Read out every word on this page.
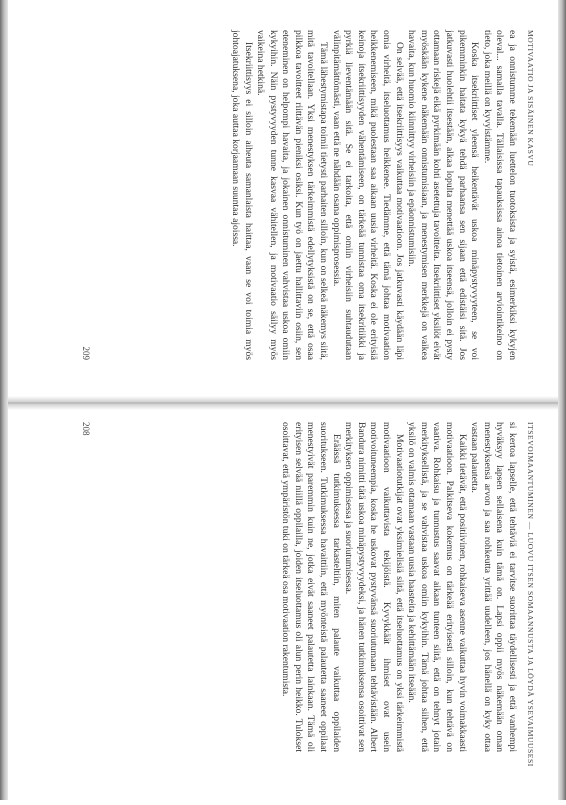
MOTIVAATIO JA SISÄINEN KASVU

ea ja onnistumme tekemään luettelon tuotoksista ja syistä, esimerkiksi kykyjen oleval... samalla tavalla. Tällaisissa tapauksissa ainoa tietoinen arviointikeino on tieto, joka meillä on kyvyistämme.

Koska itsekriittiset yleensä heikentävät uskoa minäpystyvyyteen, se voi pikemminkin haitata kykyä tehdä parhaansa sen sijaan että edistäisi sitä. Jos jatkuvasti huolehtii itsestään, alkaa lopulta menettää uskoa itseensä, jolloin ei pysty ottamaan riskejä eikä pyrkimään kohti asetettuja tavoitteita. Itsekriittiset yksilöt eivät myöskään kykene näkemään onnistumisiaan, ja menestymisen merkkejä on vaikea havaita, kun huomio kiinnittyy virheisiin ja epäonnistumisiin.

On selvää, että itsekriittisyys vaikuttaa motivaatioon. Jos jatkuvasti käydään läpi omia virheitä, itseluottamus heikkenee. Tiedämme, että tämä johtaa motivaation heikkenemiseen, mikä puolestaan saa aikaan uusia virheitä. Koska ei ole erityisiä keinoja itsekriittisyyden vähentämiseen, on tärkeää tunnistaa oma itsekritiikki ja pyrkiä lieventämään sitä. Se ei tarkoita, että omiin virheisiin suhtaudutaan välinpitämättömästi, vaan että ne nähdään osana oppimisprosessia.

Tämä lähestymistapa toimii tietysti parhaiten silloin, kun on selkeä näkemys siitä, mitä tavoitellaan. Yksi menestyksen tärkeimmistä edellytyksistä on se, että osaa pilkkoa tavoitteet riittävän pieniksi osiksi. Kun työ on jaettu hallittaviin osiin, sen eteneminen on helpompi havaita, ja jokainen onnistuminen vahvistaa uskoa omiin kykyihin. Näin pystyvyyden tunne kasvaa vähitellen, ja motivaatio säilyy myös vaikeina hetkinä.

Itsekriittisyys ei silloin aiheuta samanlaista haittaa, vaan se voi toimia myös johtoajatuksena, joka auttaa korjaamaan suuntaa ajoissa.

209
ITSEVOIMAANTUMINEN — LUOVU ITSEN SOMAANNUSTA JA LÖYDÄ YSEVAIMUUSESI

si kertoa lapselle, että tehtäviä ei tarvitse suorittaa täydellisesti ja että vanhempi hyväksyy lapsen sellaisena kuin tämä on. Lapsi oppii myös näkemään oman menestyksensä arvon ja saa rohkeutta yrittää uudelleen, jos hänellä on kyky ottaa vastaan palautetta.

Kaikki tietävät, että positiivinen, rohkaiseva asenne vaikuttaa hyvin voimakkaasti motivaatioon. Palkitseva kokemus on tärkeää erityisesti silloin, kun tehtävä on vaativa. Rohkaisu ja tunnustus saavat aikaan tunteen siitä, että on tehnyt jotain merkityksellistä, ja se vahvistaa uskoa omiin kykyihin. Tämä johtaa siihen, että yksilö on valmis ottamaan vastaan uusia haasteita ja kehittämään itseään.

Motivaatiotutkijat ovat yksimielisiä siitä, että itseluottamus on yksi tärkeimmistä motivaatioon vaikuttavista tekijöistä. Kyvykkäät ihmiset ovat usein motivoituneempia, koska he uskovat pystyvänsä suoriutumaan tehtävistään. Albert Bandura nimitti tätä uskoa minäpystyvyydeksi, ja hänen tutkimuksensa osoittivat sen merkityksen oppimisessa ja suoriutumisessa.

Eräässä tutkimuksessa tarkasteltiin, miten palaute vaikuttaa oppilaiden suoritukseen. Tutkimuksessa havaittiin, että myönteistä palautetta saaneet oppilaat menestyivät paremmin kuin ne, jotka eivät saaneet palautetta lainkaan. Tämä oli erityisen selvää niillä oppilailla, joiden itseluottamus oli alun perin heikko. Tulokset osoittavat, että ympäristön tuki on tärkeä osa motivaation rakentumista.

208
